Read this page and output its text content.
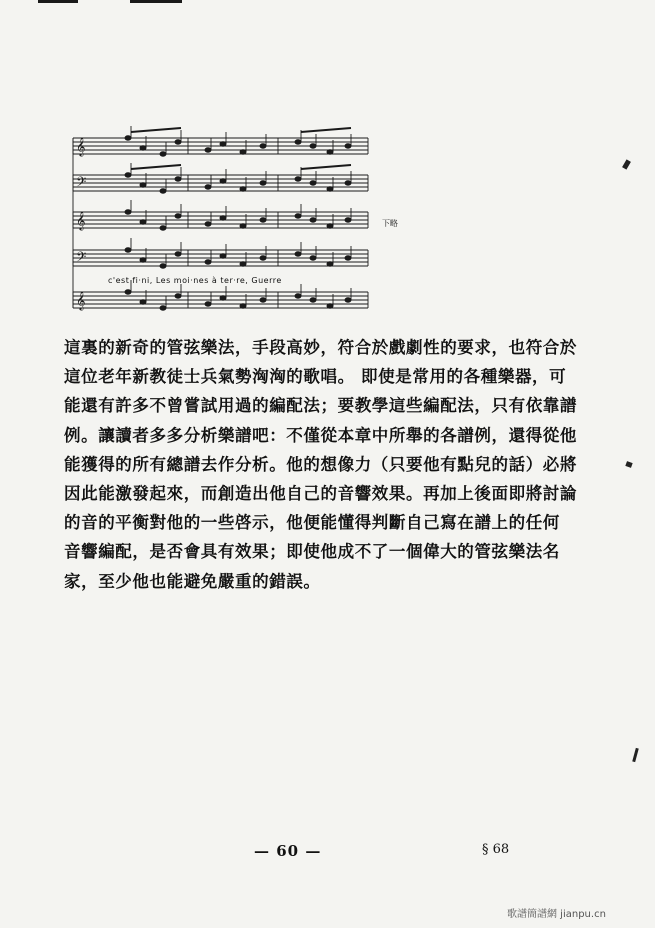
𝄞
𝄢
𝄞
𝄢
𝄞
下略
c'est fi·ni, Les moi·nes à ter·re, Guerre
這裏的新奇的管弦樂法，手段高妙，符合於戲劇性的要求，也符合於
這位老年新教徒士兵氣勢洶洶的歌唱。 即使是常用的各種樂器，可
能還有許多不曾嘗試用過的編配法；要教學這些編配法，只有依靠譜
例。讓讀者多多分析樂譜吧：不僅從本章中所舉的各譜例，還得從他
能獲得的所有總譜去作分析。他的想像力（只要他有點兒的話）必將
因此能激發起來，而創造出他自己的音響效果。再加上後面即將討論
的音的平衡對他的一些啓示，他便能懂得判斷自己寫在譜上的任何
音響編配，是否會具有效果；即使他成不了一個偉大的管弦樂法名
家，至少他也能避免嚴重的錯誤。
— 60 —	§ 68
歌譜簡譜網 jianpu.cn
